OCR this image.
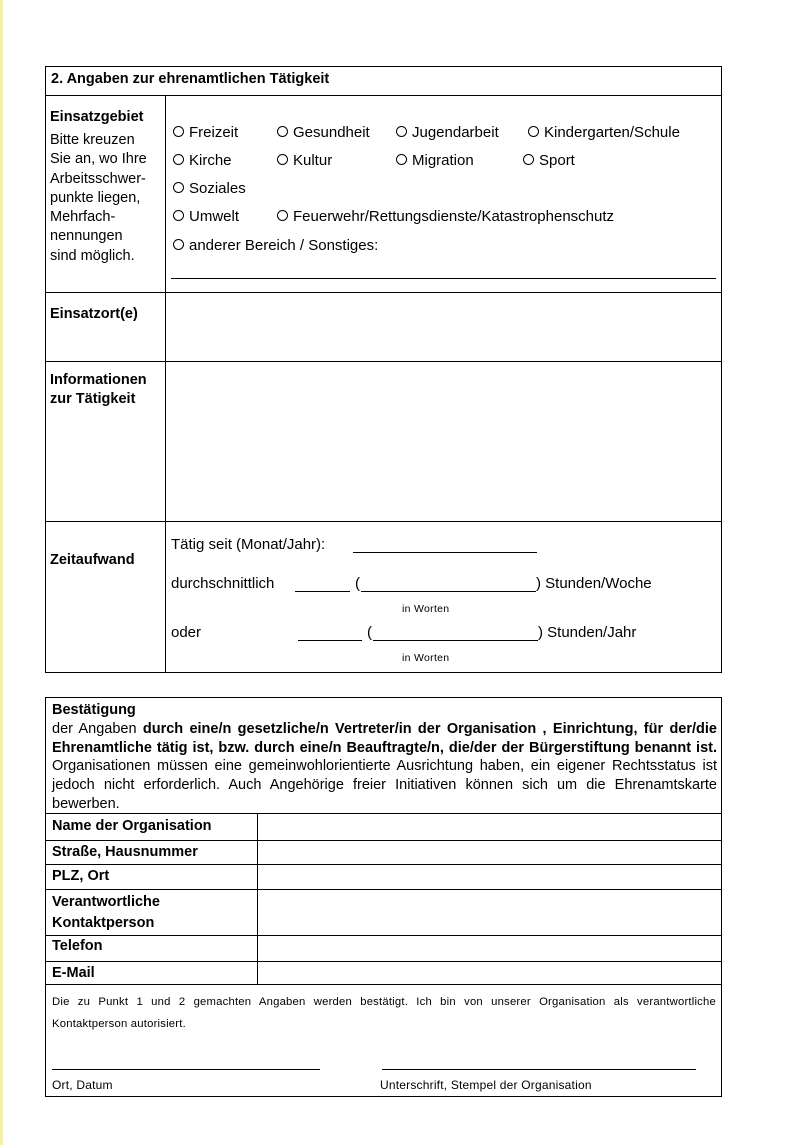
2. Angaben zur ehrenamtlichen Tätigkeit
Einsatzgebiet
Bitte kreuzen
Sie an, wo Ihre
Arbeitsschwer-
punkte liegen,
Mehrfach-
nennungen
sind möglich.
Freizeit	Gesundheit	Jugendarbeit	Kindergarten/Schule
Kirche	Kultur	Migration	Sport
Soziales
Umwelt	Feuerwehr/Rettungsdienste/Katastrophenschutz
anderer Bereich / Sonstiges:
Einsatzort(e)
Informationen
zur Tätigkeit
Zeitaufwand
Tätig seit (Monat/Jahr):
durchschnittlich	(	) Stunden/Woche
in Worten
oder	(	) Stunden/Jahr
in Worten
Bestätigung
der Angaben durch eine/n gesetzliche/n Vertreter/in der Organisation , Einrichtung, für der/die Ehrenamtliche tätig ist, bzw. durch eine/n Beauftragte/n, die/der der Bürgerstiftung benannt ist. Organisationen müssen eine gemeinwohlorientierte Ausrichtung haben, ein eigener Rechtsstatus ist jedoch nicht erforderlich. Auch Angehörige freier Initiativen können sich um die Ehrenamtskarte bewerben.
Name der Organisation
Straße, Hausnummer
PLZ, Ort
Verantwortliche
Kontaktperson
Telefon
E-Mail
Die zu Punkt 1 und 2 gemachten Angaben werden bestätigt. Ich bin von unserer Organisation als verantwortliche Kontaktperson autorisiert.
Ort, Datum	Unterschrift, Stempel der Organisation
